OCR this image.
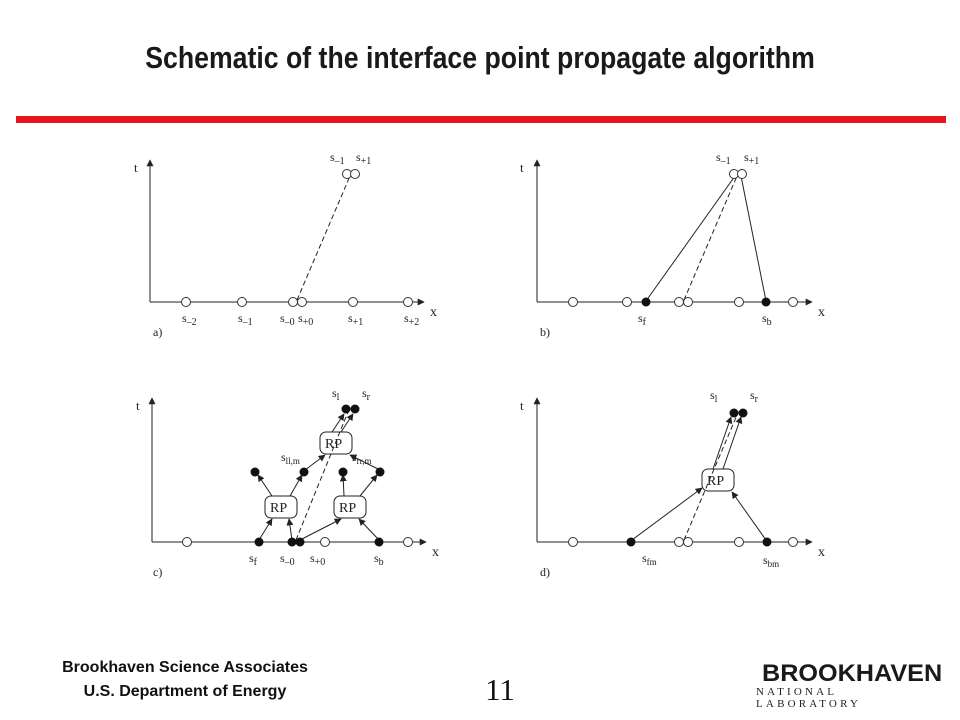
Schematic of the interface point propagate algorithm
t
x
$s_{-1}$ $s_{+1}$
$s_{-2}$	$s_{-1}$ $s_{-0}$ $s_{+0}$	$s_{+1}$	$s_{+2}$
a)
t
x
$s_{-1}$ $s_{+1}$
$s_f$	$s_b$
b)
t
x
RP	RP
RP
$s_l$ $s_r$
$s_{ll,m}$	$s_{rr,m}$
$s_f$ $s_{-0}$ $s_{+0}$	$s_b$
c)
t
x
RP
$s_l$	$s_r$
$s_{fm}$	$s_{bm}$
d)
Brookhaven Science Associates
U.S. Department of Energy	11	BROOKHAVEN
NATIONAL LABORATORY
